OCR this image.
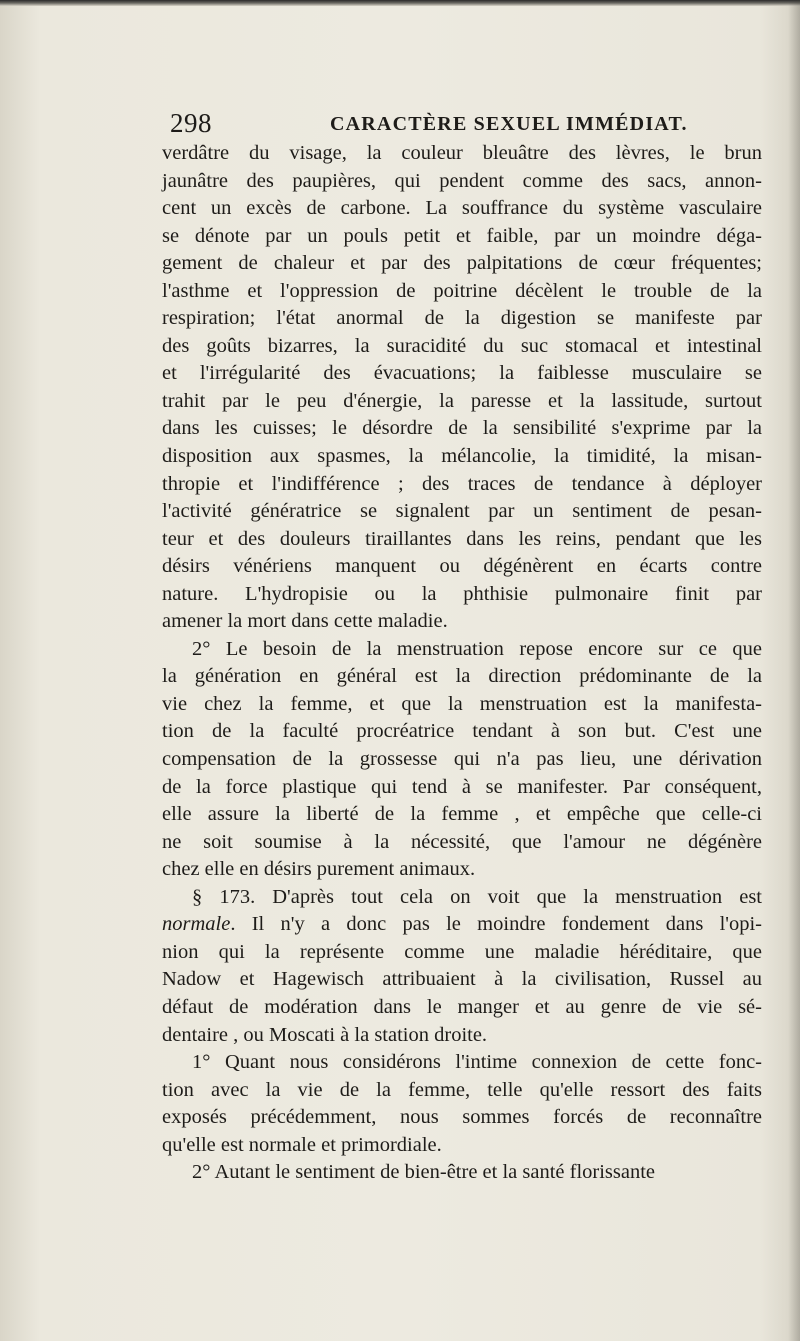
298	CARACTÈRE SEXUEL IMMÉDIAT.
verdâtre du visage, la couleur bleuâtre des lèvres, le brun
jaunâtre des paupières, qui pendent comme des sacs, annon-
cent un excès de carbone. La souffrance du système vasculaire
se dénote par un pouls petit et faible, par un moindre déga-
gement de chaleur et par des palpitations de cœur fréquentes;
l'asthme et l'oppression de poitrine décèlent le trouble de la
respiration; l'état anormal de la digestion se manifeste par
des goûts bizarres, la suracidité du suc stomacal et intestinal
et l'irrégularité des évacuations; la faiblesse musculaire se
trahit par le peu d'énergie, la paresse et la lassitude, surtout
dans les cuisses; le désordre de la sensibilité s'exprime par la
disposition aux spasmes, la mélancolie, la timidité, la misan-
thropie et l'indifférence ; des traces de tendance à déployer
l'activité génératrice se signalent par un sentiment de pesan-
teur et des douleurs tiraillantes dans les reins, pendant que les
désirs vénériens manquent ou dégénèrent en écarts contre
nature. L'hydropisie ou la phthisie pulmonaire finit par
amener la mort dans cette maladie.
2° Le besoin de la menstruation repose encore sur ce que
la génération en général est la direction prédominante de la
vie chez la femme, et que la menstruation est la manifesta-
tion de la faculté procréatrice tendant à son but. C'est une
compensation de la grossesse qui n'a pas lieu, une dérivation
de la force plastique qui tend à se manifester. Par conséquent,
elle assure la liberté de la femme , et empêche que celle-ci
ne soit soumise à la nécessité, que l'amour ne dégénère
chez elle en désirs purement animaux.
§ 173. D'après tout cela on voit que la menstruation est
normale. Il n'y a donc pas le moindre fondement dans l'opi-
nion qui la représente comme une maladie héréditaire, que
Nadow et Hagewisch attribuaient à la civilisation, Russel au
défaut de modération dans le manger et au genre de vie sé-
dentaire , ou Moscati à la station droite.
1° Quant nous considérons l'intime connexion de cette fonc-
tion avec la vie de la femme, telle qu'elle ressort des faits
exposés précédemment, nous sommes forcés de reconnaître
qu'elle est normale et primordiale.
2° Autant le sentiment de bien-être et la santé florissante
